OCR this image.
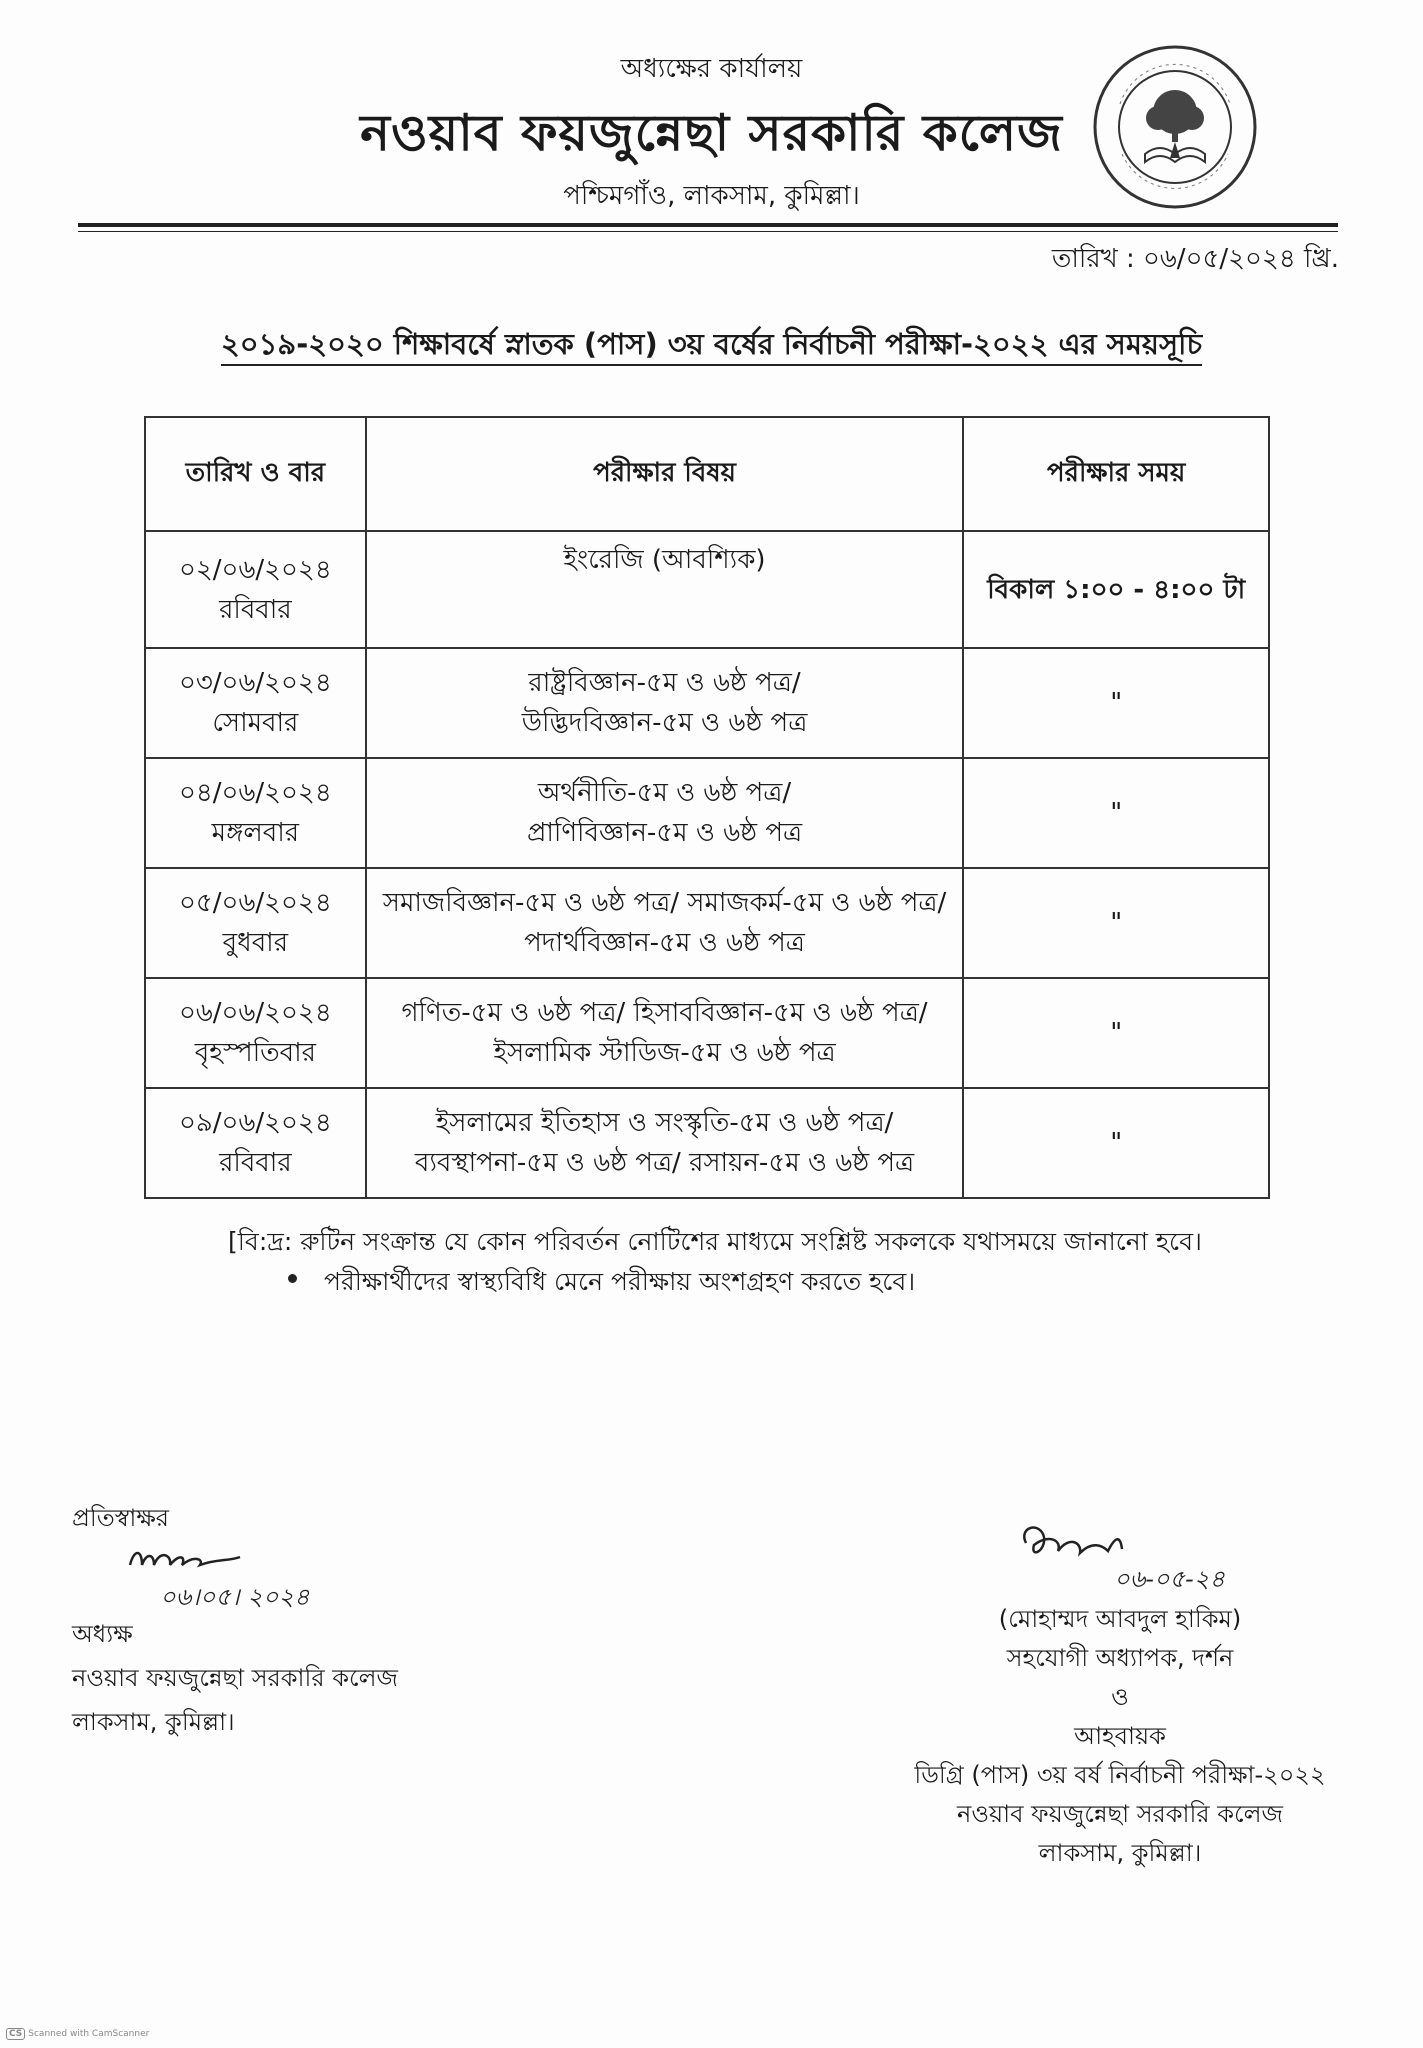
অধ্যক্ষের কার্যালয়
নওয়াব ফয়জুন্নেছা সরকারি কলেজ
পশ্চিমগাঁও, লাকসাম, কুমিল্লা।
তারিখ : ০৬/০৫/২০২৪ খ্রি.
২০১৯-২০২০ শিক্ষাবর্ষে স্নাতক (পাস) ৩য় বর্ষের নির্বাচনী পরীক্ষা-২০২২ এর সময়সূচি
তারিখ ও বার	পরীক্ষার বিষয়	পরীক্ষার সময়

০২/০৬/২০২৪
রবিবার	ইংরেজি (আবশ্যিক)	বিকাল ১:০০ - ৪:০০ টা

০৩/০৬/২০২৪
সোমবার	রাষ্ট্রবিজ্ঞান-৫ম ও ৬ষ্ঠ পত্র/
উদ্ভিদবিজ্ঞান-৫ম ও ৬ষ্ঠ পত্র	"

০৪/০৬/২০২৪
মঙ্গলবার	অর্থনীতি-৫ম ও ৬ষ্ঠ পত্র/
প্রাণিবিজ্ঞান-৫ম ও ৬ষ্ঠ পত্র	"

০৫/০৬/২০২৪
বুধবার	সমাজবিজ্ঞান-৫ম ও ৬ষ্ঠ পত্র/ সমাজকর্ম-৫ম ও ৬ষ্ঠ পত্র/
পদার্থবিজ্ঞান-৫ম ও ৬ষ্ঠ পত্র	"

০৬/০৬/২০২৪
বৃহস্পতিবার	গণিত-৫ম ও ৬ষ্ঠ পত্র/ হিসাববিজ্ঞান-৫ম ও ৬ষ্ঠ পত্র/
ইসলামিক স্টাডিজ-৫ম ও ৬ষ্ঠ পত্র	"

০৯/০৬/২০২৪
রবিবার	ইসলামের ইতিহাস ও সংস্কৃতি-৫ম ও ৬ষ্ঠ পত্র/
ব্যবস্থাপনা-৫ম ও ৬ষ্ঠ পত্র/ রসায়ন-৫ম ও ৬ষ্ঠ পত্র	"
[বি:দ্র: রুটিন সংক্রান্ত যে কোন পরিবর্তন নোটিশের মাধ্যমে সংশ্লিষ্ট সকলকে যথাসময়ে জানানো হবে।
পরীক্ষার্থীদের স্বাস্থ্যবিধি মেনে পরীক্ষায় অংশগ্রহণ করতে হবে।
প্রতিস্বাক্ষর
০৬।০৫। ২০২৪
অধ্যক্ষ
নওয়াব ফয়জুন্নেছা সরকারি কলেজ
লাকসাম, কুমিল্লা।
০৬-০৫-২৪
(মোহাম্মদ আবদুল হাকিম)
সহযোগী অধ্যাপক, দর্শন
ও
আহবায়ক
ডিগ্রি (পাস) ৩য় বর্ষ নির্বাচনী পরীক্ষা-২০২২
নওয়াব ফয়জুন্নেছা সরকারি কলেজ
লাকসাম, কুমিল্লা।
CS Scanned with CamScanner
